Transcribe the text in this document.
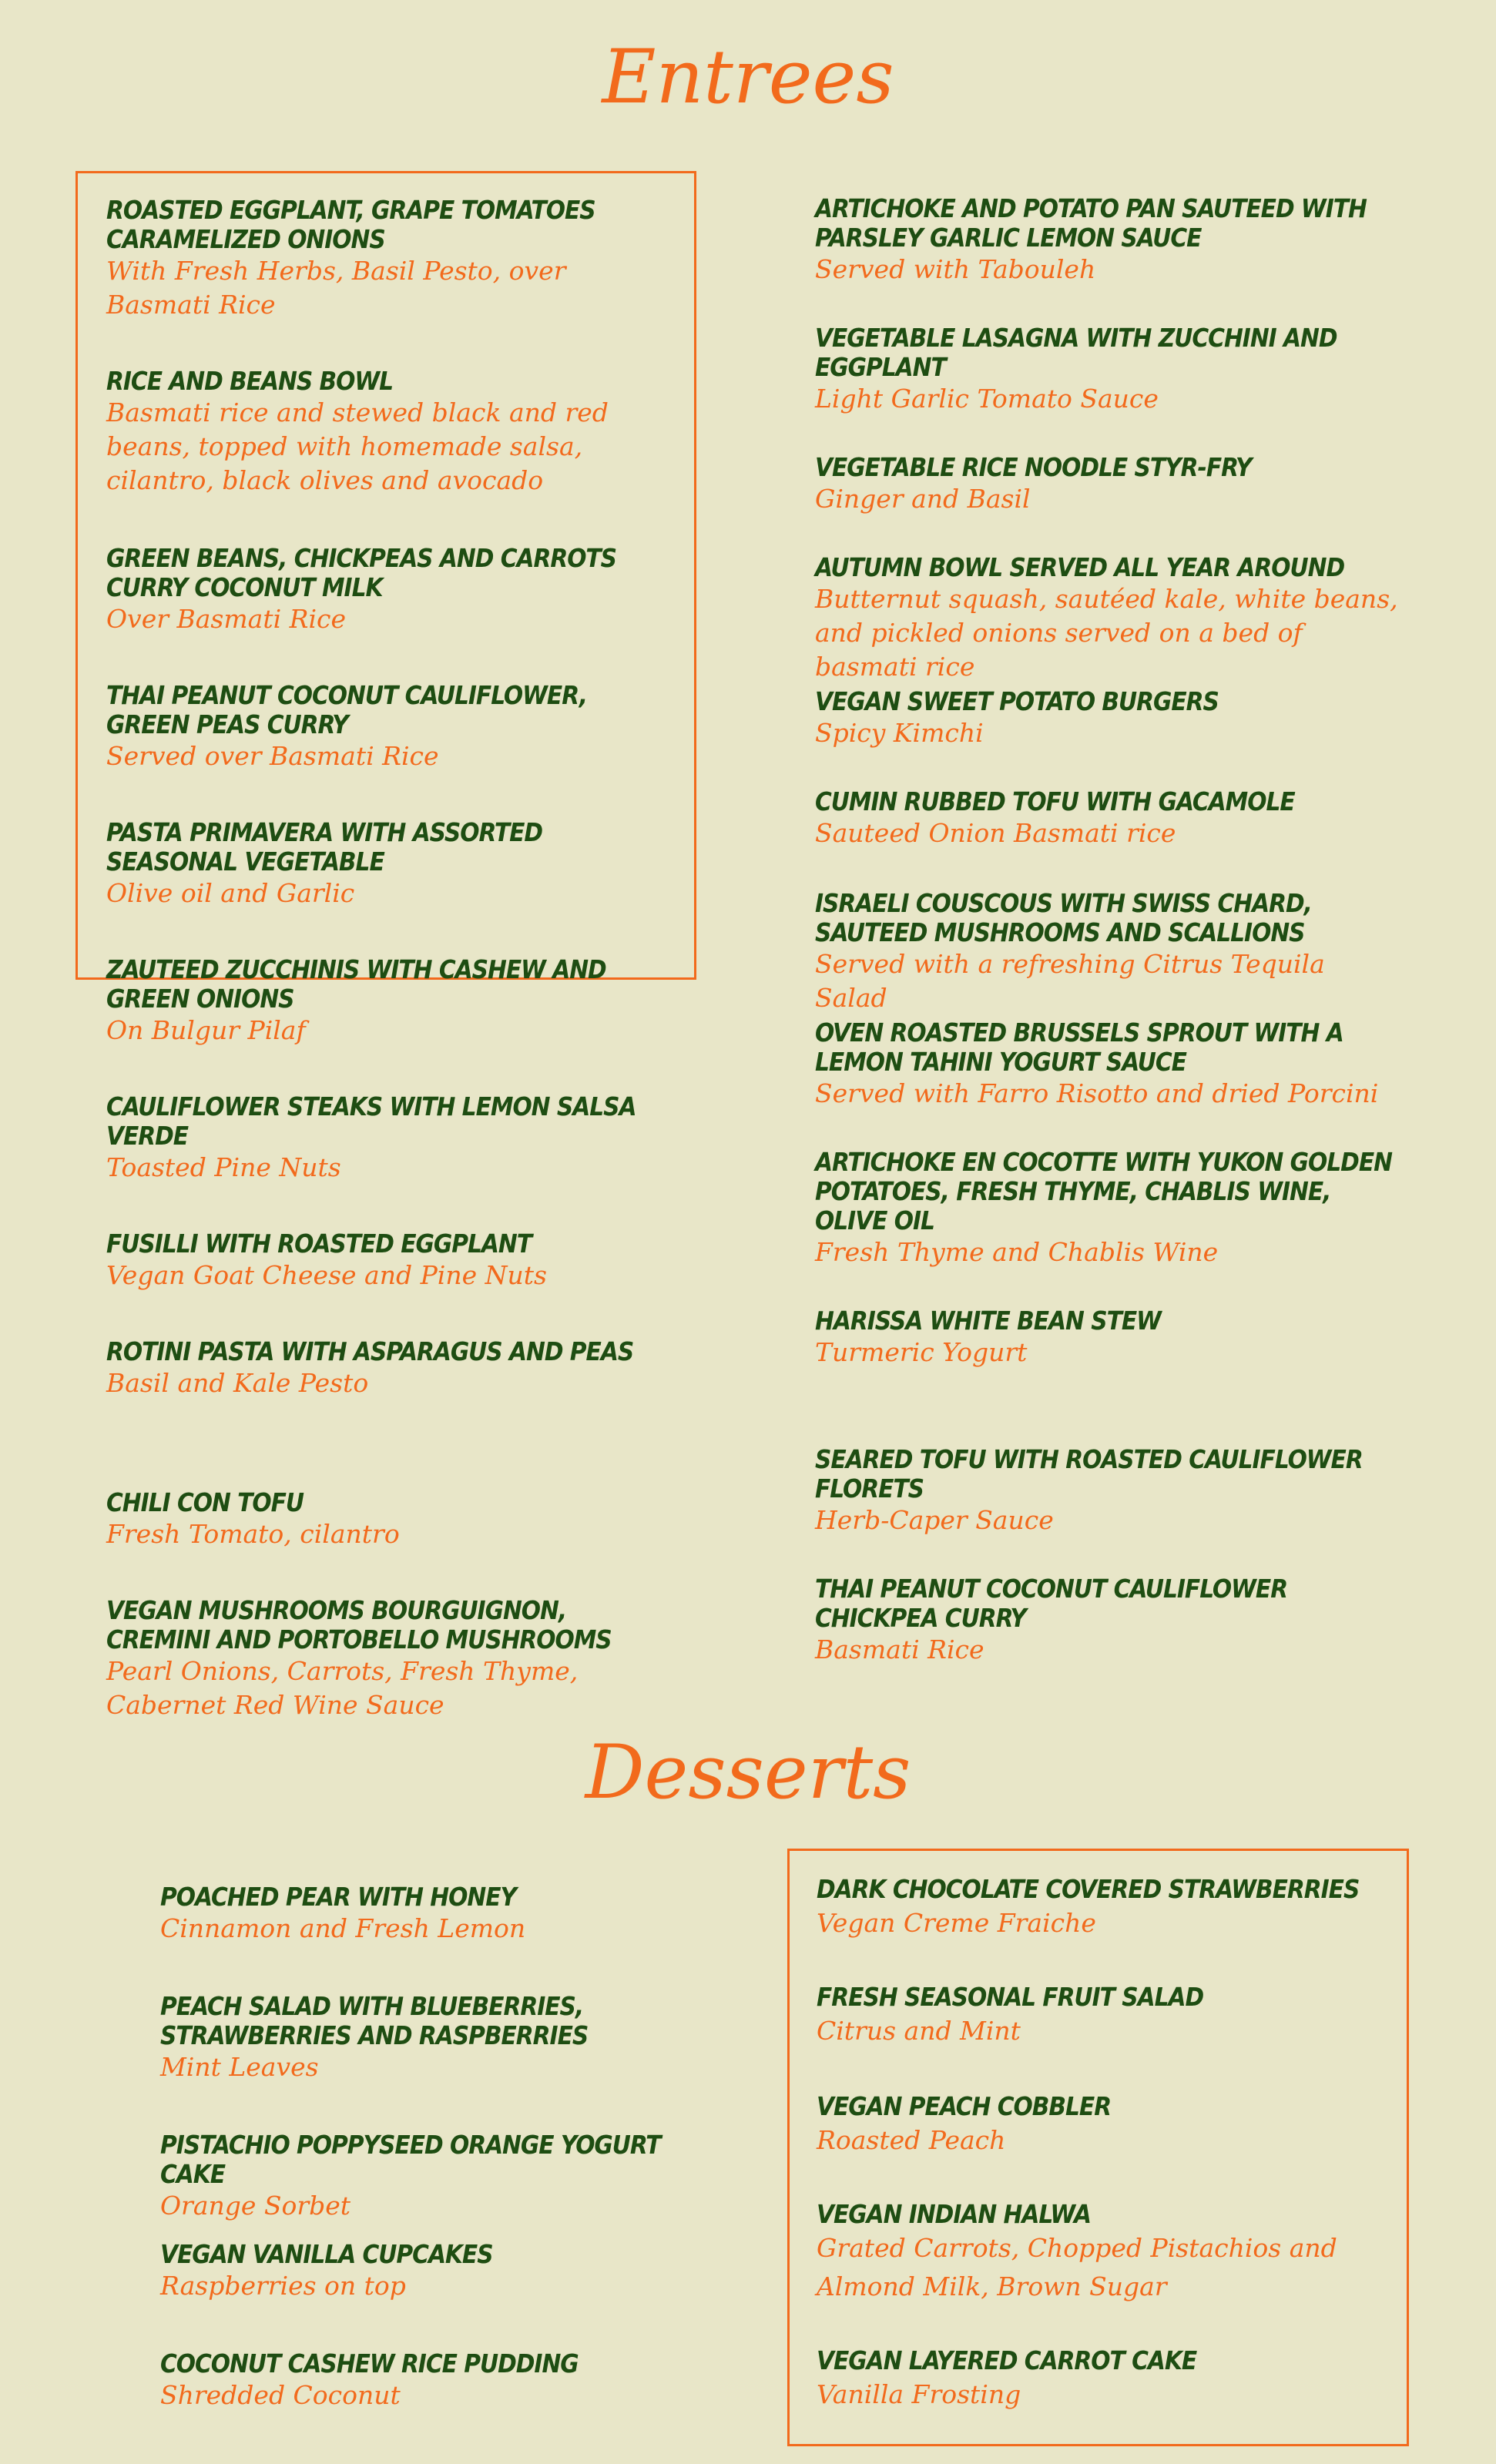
Entrees

ROASTED EGGPLANT, GRAPE TOMATOES CARAMELIZED ONIONS

With Fresh Herbs, Basil Pesto, over Basmati Rice

RICE AND BEANS BOWL

Basmati rice and stewed black and red beans, topped with homemade salsa, cilantro, black olives and avocado

GREEN BEANS, CHICKPEAS AND CARROTS CURRY COCONUT MILK

Over Basmati Rice

THAI PEANUT COCONUT CAULIFLOWER, GREEN PEAS CURRY

Served over Basmati Rice

PASTA PRIMAVERA WITH ASSORTED SEASONAL VEGETABLE

Olive oil and Garlic

ZAUTEED ZUCCHINIS WITH CASHEW AND GREEN ONIONS

On Bulgur Pilaf

CAULIFLOWER STEAKS WITH LEMON SALSA VERDE

Toasted Pine Nuts

FUSILLI WITH ROASTED EGGPLANT

Vegan Goat Cheese and Pine Nuts

ROTINI PASTA WITH ASPARAGUS AND PEAS

Basil and Kale Pesto

CHILI CON TOFU

Fresh Tomato, cilantro

VEGAN MUSHROOMS BOURGUIGNON, CREMINI AND PORTOBELLO MUSHROOMS

Pearl Onions, Carrots, Fresh Thyme, Cabernet Red Wine Sauce

ARTICHOKE AND POTATO PAN SAUTEED WITH PARSLEY GARLIC LEMON SAUCE

Served with Tabouleh

VEGETABLE LASAGNA WITH ZUCCHINI AND EGGPLANT

Light Garlic Tomato Sauce

VEGETABLE RICE NOODLE STYR-FRY

Ginger and Basil

AUTUMN BOWL SERVED ALL YEAR AROUND

Butternut squash, sautéed kale, white beans, and pickled onions served on a bed of basmati rice

VEGAN SWEET POTATO BURGERS

Spicy Kimchi

CUMIN RUBBED TOFU WITH GACAMOLE

Sauteed Onion Basmati rice

ISRAELI COUSCOUS WITH SWISS CHARD, SAUTEED MUSHROOMS AND SCALLIONS

Served with a refreshing Citrus Tequila Salad

OVEN ROASTED BRUSSELS SPROUT WITH A LEMON TAHINI YOGURT SAUCE

Served with Farro Risotto and dried Porcini

ARTICHOKE EN COCOTTE WITH YUKON GOLDEN POTATOES, FRESH THYME, CHABLIS WINE, OLIVE OIL

Fresh Thyme and Chablis Wine

HARISSA WHITE BEAN STEW

Turmeric Yogurt

SEARED TOFU WITH ROASTED CAULIFLOWER FLORETS

Herb-Caper Sauce

THAI PEANUT COCONUT CAULIFLOWER CHICKPEA CURRY

Basmati Rice

Desserts

POACHED PEAR WITH HONEY

Cinnamon and Fresh Lemon

PEACH SALAD WITH BLUEBERRIES, STRAWBERRIES AND RASPBERRIES

Mint Leaves

PISTACHIO POPPYSEED ORANGE YOGURT CAKE

Orange Sorbet

VEGAN VANILLA CUPCAKES

Raspberries on top

COCONUT CASHEW RICE PUDDING

Shredded Coconut

DARK CHOCOLATE COVERED STRAWBERRIES

Vegan Creme Fraiche

FRESH SEASONAL FRUIT SALAD

Citrus and Mint

VEGAN PEACH COBBLER

Roasted Peach

VEGAN INDIAN HALWA

Grated Carrots, Chopped Pistachios and Almond Milk, Brown Sugar

VEGAN LAYERED CARROT CAKE

Vanilla Frosting
